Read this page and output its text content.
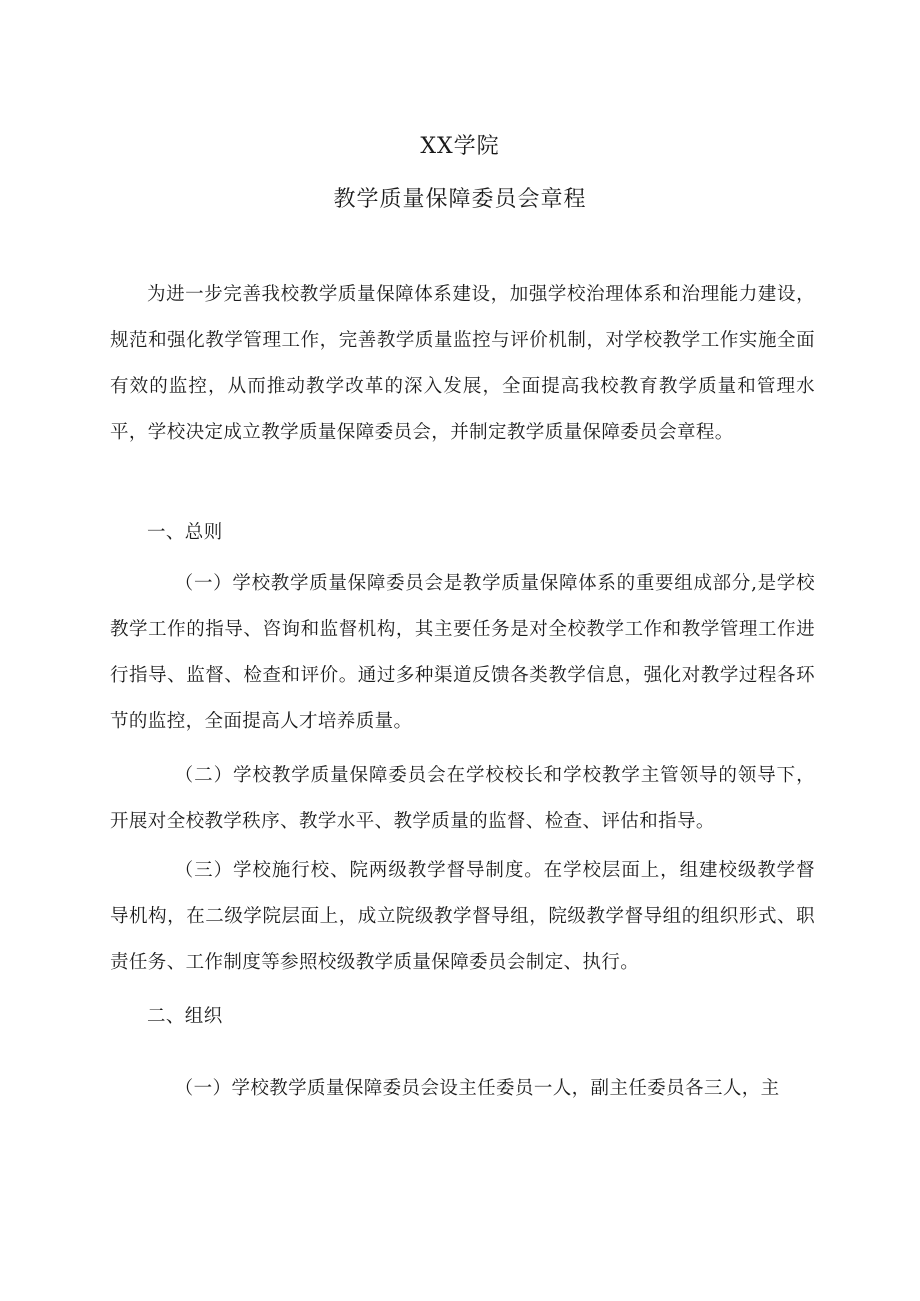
XX学院
教学质量保障委员会章程

为进一步完善我校教学质量保障体系建设，加强学校治理体系和治理能力建设，规范和强化教学管理工作，完善教学质量监控与评价机制，对学校教学工作实施全面有效的监控，从而推动教学改革的深入发展，全面提高我校教育教学质量和管理水平，学校决定成立教学质量保障委员会，并制定教学质量保障委员会章程。

一、总则

（一）学校教学质量保障委员会是教学质量保障体系的重要组成部分,是学校教学工作的指导、咨询和监督机构，其主要任务是对全校教学工作和教学管理工作进行指导、监督、检查和评价。通过多种渠道反馈各类教学信息，强化对教学过程各环节的监控，全面提高人才培养质量。

（二）学校教学质量保障委员会在学校校长和学校教学主管领导的领导下，开展对全校教学秩序、教学水平、教学质量的监督、检查、评估和指导。

（三）学校施行校、院两级教学督导制度。在学校层面上，组建校级教学督导机构，在二级学院层面上，成立院级教学督导组，院级教学督导组的组织形式、职责任务、工作制度等参照校级教学质量保障委员会制定、执行。

二、组织

（一）学校教学质量保障委员会设主任委员一人，副主任委员各三人，主
